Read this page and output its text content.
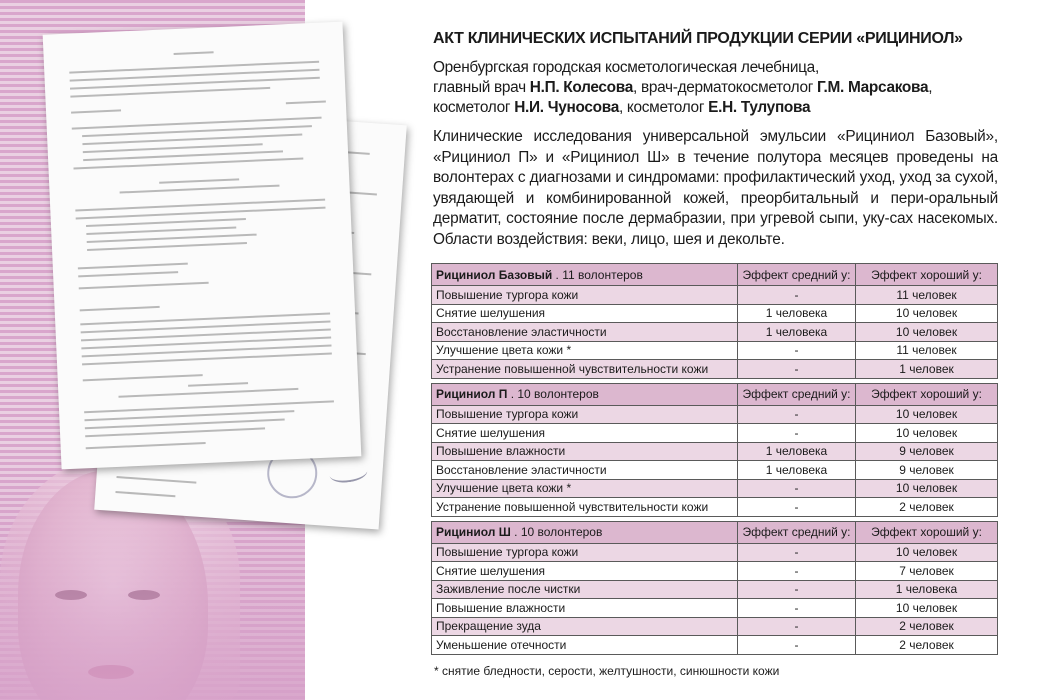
АКТ КЛИНИЧЕСКИХ ИСПЫТАНИЙ ПРОДУКЦИИ СЕРИИ «РИЦИНИОЛ»

Оренбургская городская косметологическая лечебница,
главный врач Н.П. Колесова, врач-дерматокосметолог Г.М. Марсакова,
косметолог Н.И. Чуносова, косметолог Е.Н. Тулупова

Клинические исследования универсальной эмульсии «Рициниол Базовый», «Рициниол П» и «Рициниол Ш» в течение полутора месяцев проведены на волонтерах с диагнозами и синдромами: профилактический уход, уход за сухой, увядающей и комбинированной кожей, преорбитальный и пери-оральный дерматит, состояние после дермабразии, при угревой сыпи, уку-сах насекомых. Области воздействия: веки, лицо, шея и декольте.

Рициниол Базовый . 11 волонтеров	Эффект средний у:	Эффект хороший у:
Повышение тургора кожи	-	11 человек
Снятие шелушения	1 человека	10 человек
Восстановление эластичности	1 человека	10 человек
Улучшение цвета кожи *	-	11 человек
Устранение повышенной чувствительности кожи	-	1 человек
Рициниол П . 10 волонтеров	Эффект средний у:	Эффект хороший у:
Повышение тургора кожи	-	10 человек
Снятие шелушения	-	10 человек
Повышение влажности	1 человека	9 человек
Восстановление эластичности	1 человека	9 человек
Улучшение цвета кожи *	-	10 человек
Устранение повышенной чувствительности кожи	-	2 человек
Рициниол Ш . 10 волонтеров	Эффект средний у:	Эффект хороший у:
Повышение тургора кожи	-	10 человек
Снятие шелушения	-	7 человек
Заживление после чистки	-	1 человека
Повышение влажности	-	10 человек
Прекращение зуда	-	2 человек
Уменьшение отечности	-	2 человек
* снятие бледности, серости, желтушности, синюшности кожи
